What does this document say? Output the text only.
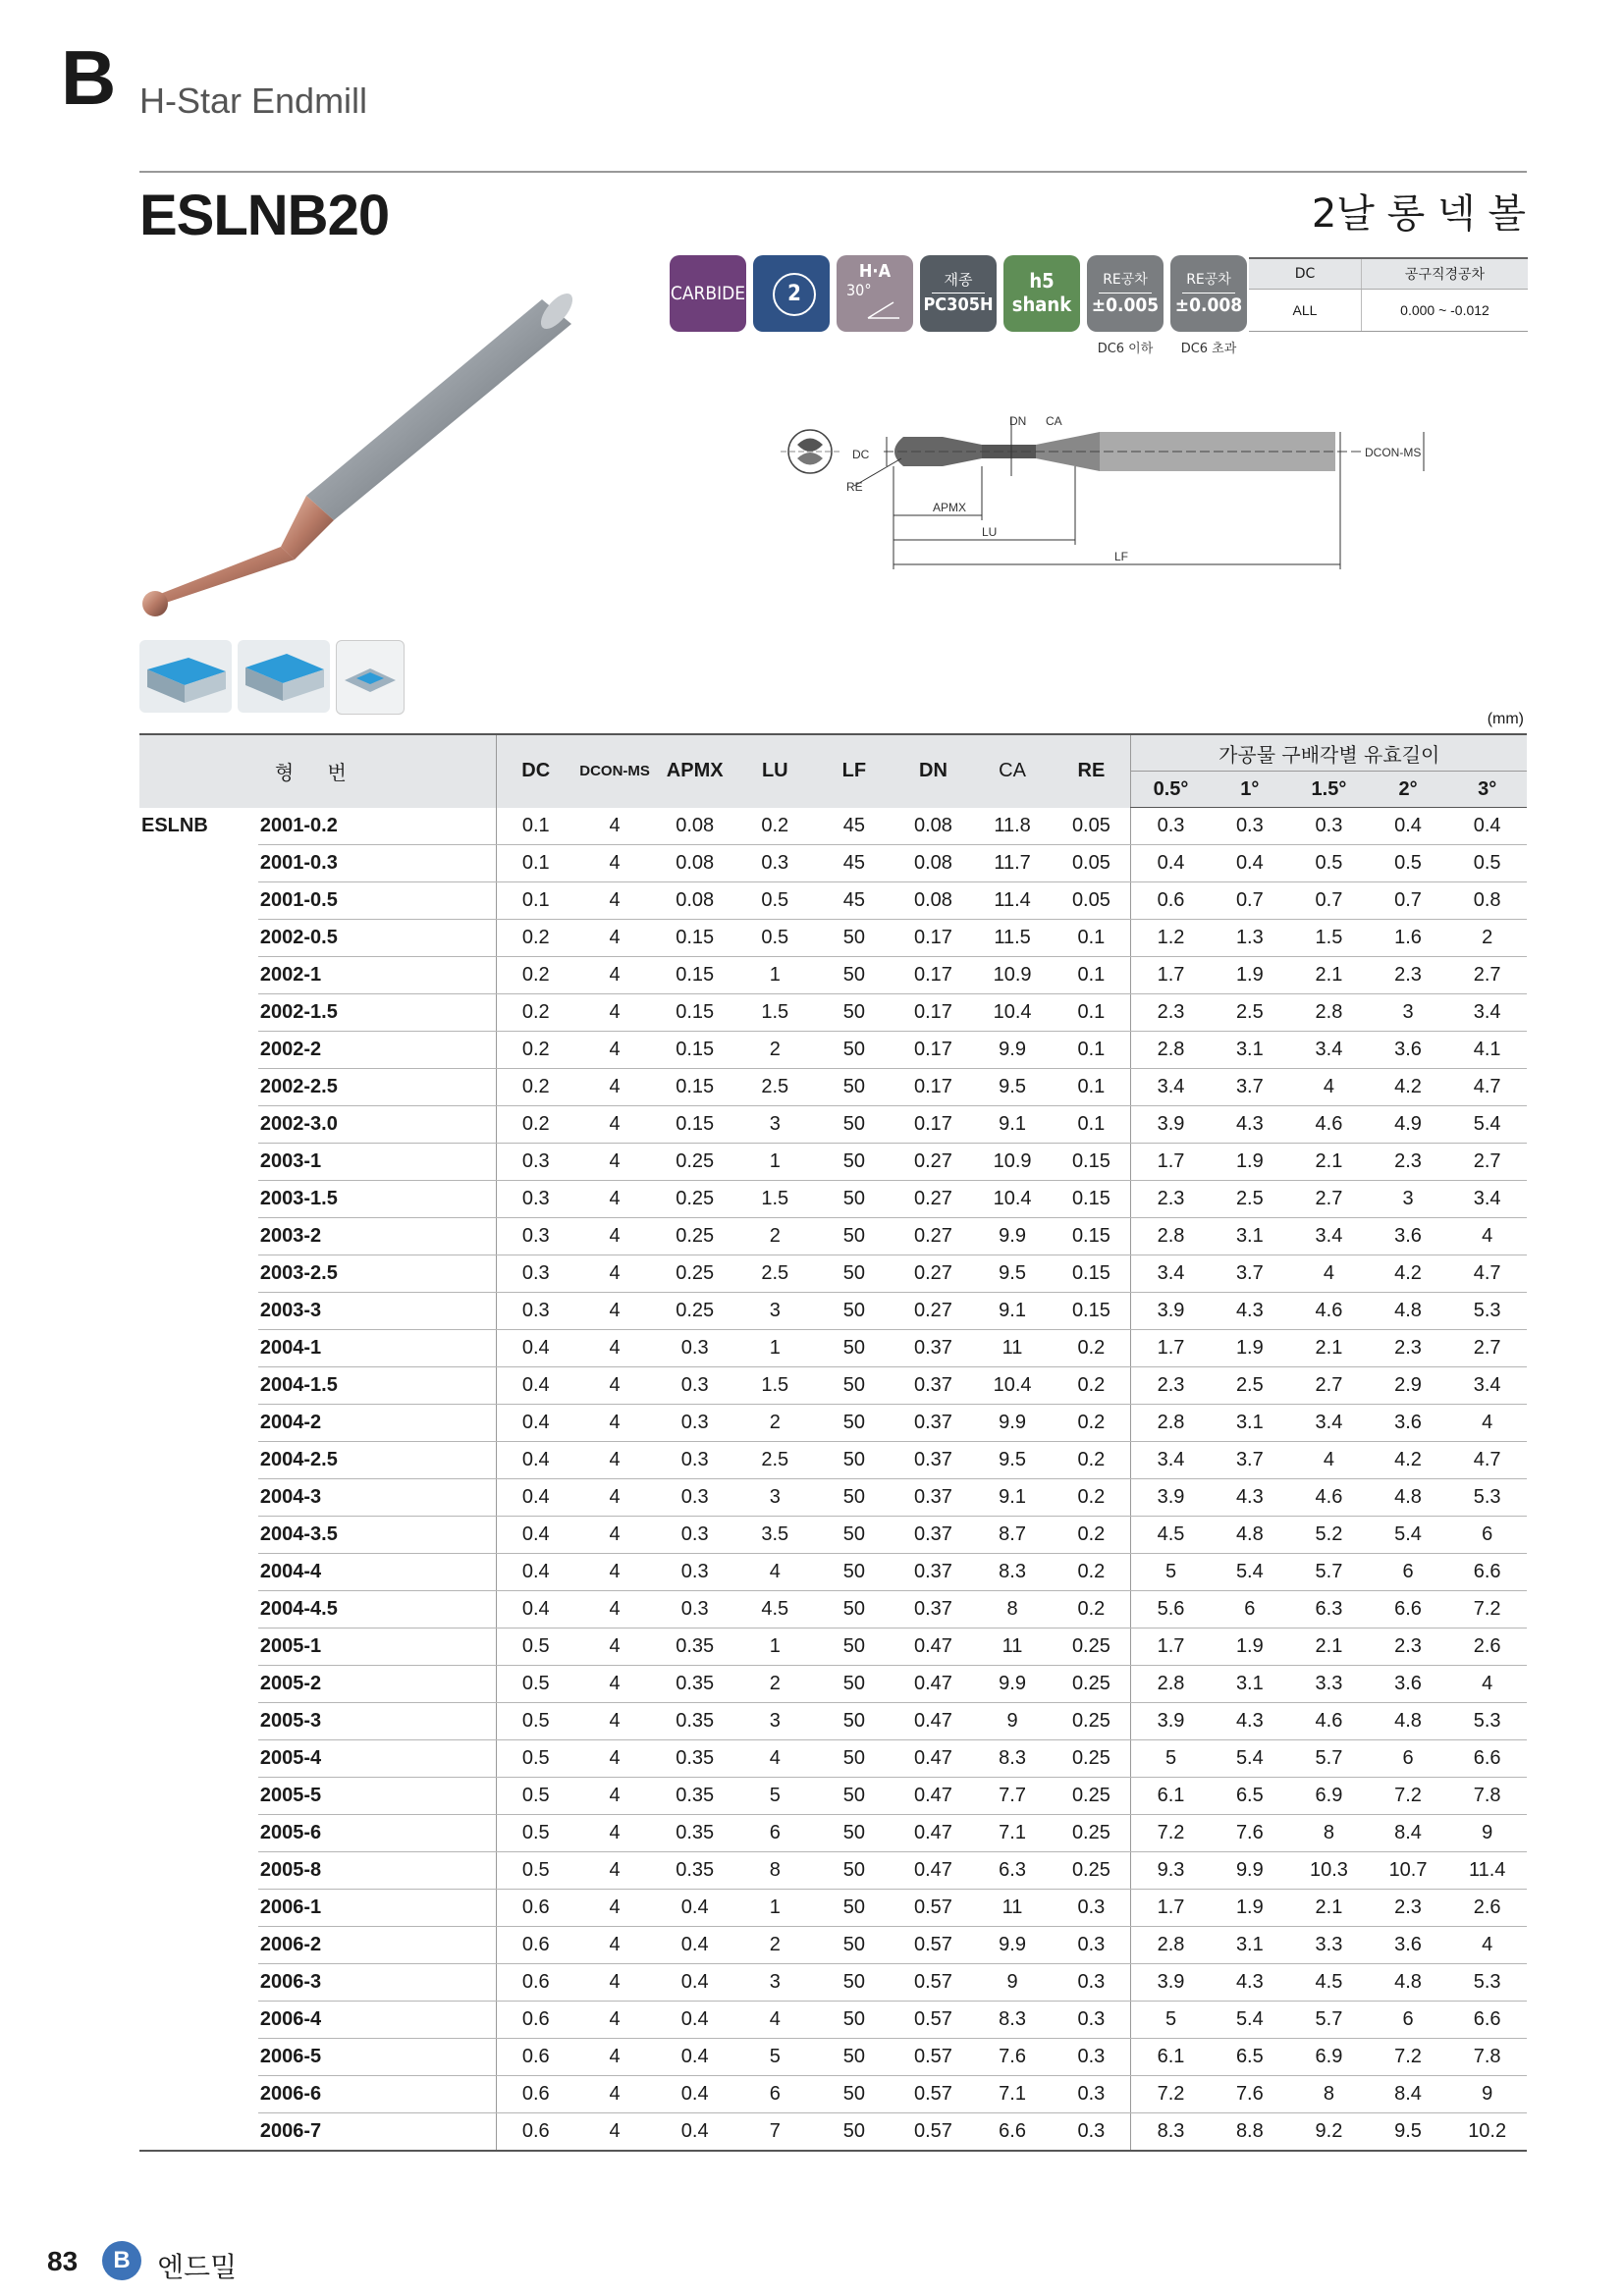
B H-Star Endmill
ESLNB20	2날 롱 넥 볼
CARBIDE	2
H·A
30°
재종
PC305H
h5
shank
RE공차
±0.005
RE공차
±0.008
DC6 이하	DC6 초과
DC	공구직경공차
ALL	0.000 ~ -0.012
DN CA
DC
RE
APMX
LU
LF
DCON-MS
(mm)
형 번		DC	DCON-MS	APMX	LU	LF	DN	CA	RE	가공물 구배각별 유효길이				
										0.5°	1°	1.5°	2°	3°
ESLNB	2001-0.2	0.1	4	0.08	0.2	45	0.08	11.8	0.05	0.3	0.3	0.3	0.4	0.4
	2001-0.3	0.1	4	0.08	0.3	45	0.08	11.7	0.05	0.4	0.4	0.5	0.5	0.5
	2001-0.5	0.1	4	0.08	0.5	45	0.08	11.4	0.05	0.6	0.7	0.7	0.7	0.8
	2002-0.5	0.2	4	0.15	0.5	50	0.17	11.5	0.1	1.2	1.3	1.5	1.6	2
	2002-1	0.2	4	0.15	1	50	0.17	10.9	0.1	1.7	1.9	2.1	2.3	2.7
	2002-1.5	0.2	4	0.15	1.5	50	0.17	10.4	0.1	2.3	2.5	2.8	3	3.4
	2002-2	0.2	4	0.15	2	50	0.17	9.9	0.1	2.8	3.1	3.4	3.6	4.1
	2002-2.5	0.2	4	0.15	2.5	50	0.17	9.5	0.1	3.4	3.7	4	4.2	4.7
	2002-3.0	0.2	4	0.15	3	50	0.17	9.1	0.1	3.9	4.3	4.6	4.9	5.4
	2003-1	0.3	4	0.25	1	50	0.27	10.9	0.15	1.7	1.9	2.1	2.3	2.7
	2003-1.5	0.3	4	0.25	1.5	50	0.27	10.4	0.15	2.3	2.5	2.7	3	3.4
	2003-2	0.3	4	0.25	2	50	0.27	9.9	0.15	2.8	3.1	3.4	3.6	4
	2003-2.5	0.3	4	0.25	2.5	50	0.27	9.5	0.15	3.4	3.7	4	4.2	4.7
	2003-3	0.3	4	0.25	3	50	0.27	9.1	0.15	3.9	4.3	4.6	4.8	5.3
	2004-1	0.4	4	0.3	1	50	0.37	11	0.2	1.7	1.9	2.1	2.3	2.7
	2004-1.5	0.4	4	0.3	1.5	50	0.37	10.4	0.2	2.3	2.5	2.7	2.9	3.4
	2004-2	0.4	4	0.3	2	50	0.37	9.9	0.2	2.8	3.1	3.4	3.6	4
	2004-2.5	0.4	4	0.3	2.5	50	0.37	9.5	0.2	3.4	3.7	4	4.2	4.7
	2004-3	0.4	4	0.3	3	50	0.37	9.1	0.2	3.9	4.3	4.6	4.8	5.3
	2004-3.5	0.4	4	0.3	3.5	50	0.37	8.7	0.2	4.5	4.8	5.2	5.4	6
	2004-4	0.4	4	0.3	4	50	0.37	8.3	0.2	5	5.4	5.7	6	6.6
	2004-4.5	0.4	4	0.3	4.5	50	0.37	8	0.2	5.6	6	6.3	6.6	7.2
	2005-1	0.5	4	0.35	1	50	0.47	11	0.25	1.7	1.9	2.1	2.3	2.6
	2005-2	0.5	4	0.35	2	50	0.47	9.9	0.25	2.8	3.1	3.3	3.6	4
	2005-3	0.5	4	0.35	3	50	0.47	9	0.25	3.9	4.3	4.6	4.8	5.3
	2005-4	0.5	4	0.35	4	50	0.47	8.3	0.25	5	5.4	5.7	6	6.6
	2005-5	0.5	4	0.35	5	50	0.47	7.7	0.25	6.1	6.5	6.9	7.2	7.8
	2005-6	0.5	4	0.35	6	50	0.47	7.1	0.25	7.2	7.6	8	8.4	9
	2005-8	0.5	4	0.35	8	50	0.47	6.3	0.25	9.3	9.9	10.3	10.7	11.4
	2006-1	0.6	4	0.4	1	50	0.57	11	0.3	1.7	1.9	2.1	2.3	2.6
	2006-2	0.6	4	0.4	2	50	0.57	9.9	0.3	2.8	3.1	3.3	3.6	4
	2006-3	0.6	4	0.4	3	50	0.57	9	0.3	3.9	4.3	4.5	4.8	5.3
	2006-4	0.6	4	0.4	4	50	0.57	8.3	0.3	5	5.4	5.7	6	6.6
	2006-5	0.6	4	0.4	5	50	0.57	7.6	0.3	6.1	6.5	6.9	7.2	7.8
	2006-6	0.6	4	0.4	6	50	0.57	7.1	0.3	7.2	7.6	8	8.4	9
	2006-7	0.6	4	0.4	7	50	0.57	6.6	0.3	8.3	8.8	9.2	9.5	10.2
83	B 엔드밀
